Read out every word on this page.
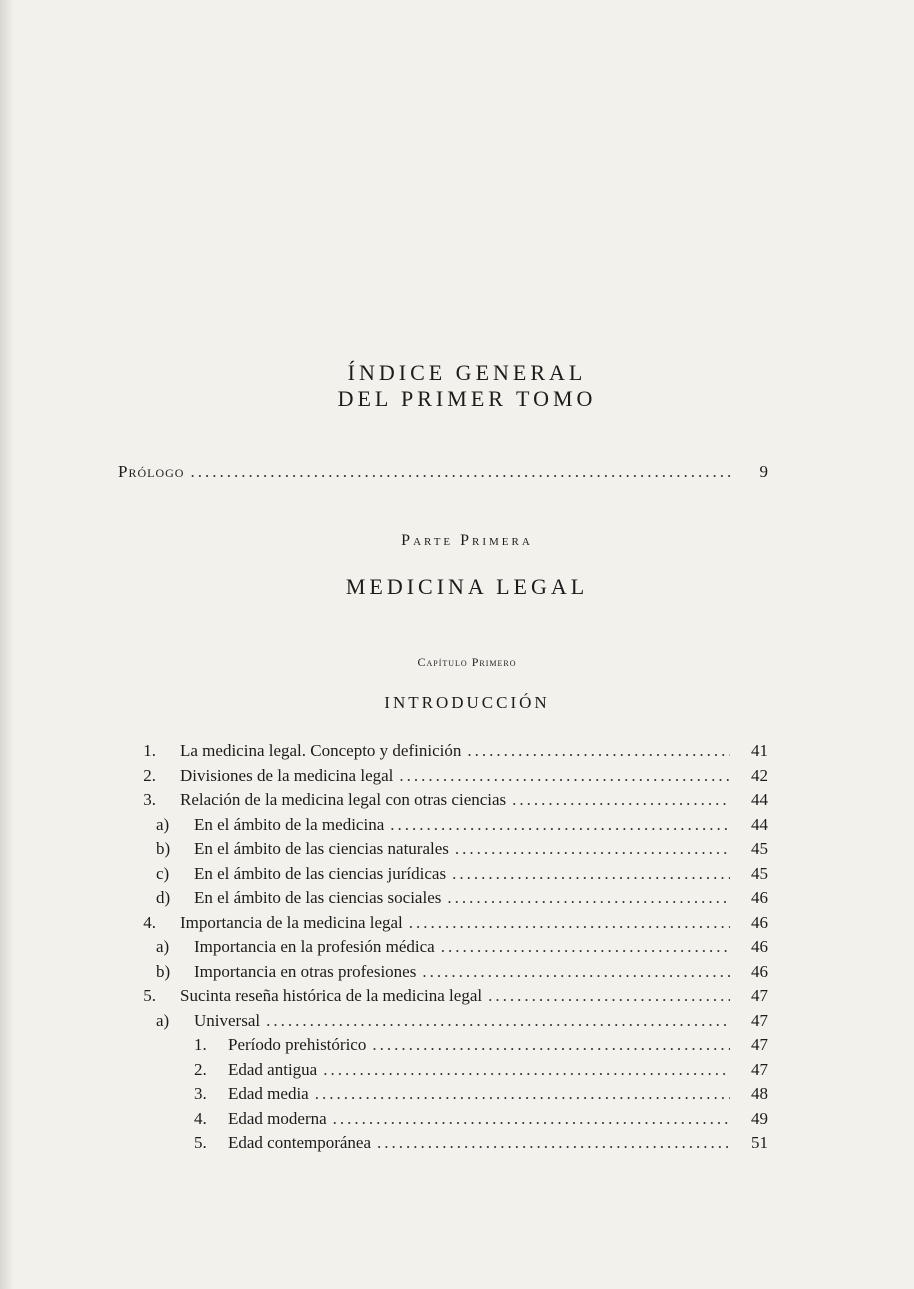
ÍNDICE GENERAL
DEL PRIMER TOMO
Prólogo .....	9
Parte Primera
MEDICINA LEGAL
Capítulo Primero
INTRODUCCIÓN
1.	La medicina legal. Concepto y definición .....	41
2.	Divisiones de la medicina legal .....	42
3.	Relación de la medicina legal con otras ciencias .....	44
a)	En el ámbito de la medicina .....	44
b)	En el ámbito de las ciencias naturales .....	45
c)	En el ámbito de las ciencias jurídicas .....	45
d)	En el ámbito de las ciencias sociales .....	46
4.	Importancia de la medicina legal .....	46
a)	Importancia en la profesión médica .....	46
b)	Importancia en otras profesiones .....	46
5.	Sucinta reseña histórica de la medicina legal .....	47
a)	Universal .....	47
1.	Período prehistórico .....	47
2.	Edad antigua .....	47
3.	Edad media .....	48
4.	Edad moderna .....	49
5.	Edad contemporánea .....	51
